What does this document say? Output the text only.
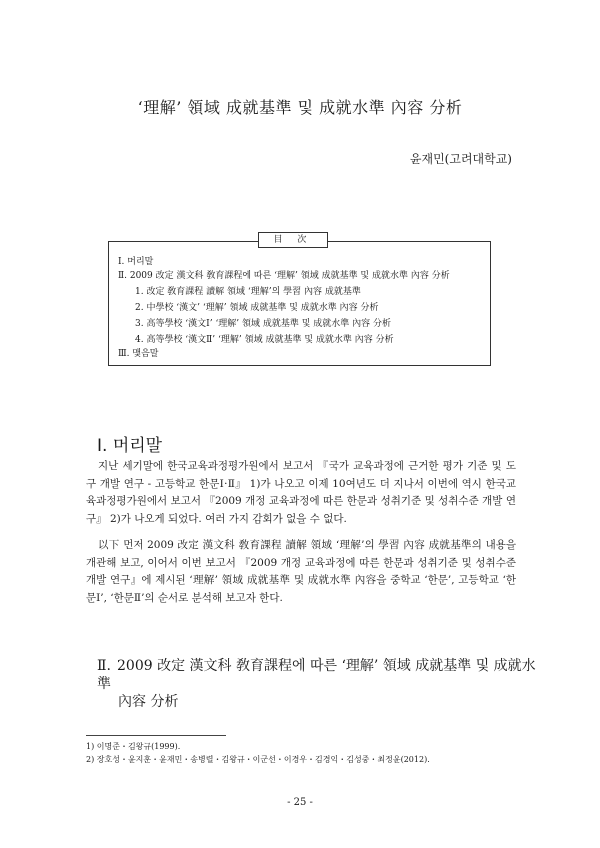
‘理解’ 領域 成就基準 및 成就水準 內容 分析
윤재민(고려대학교)
目 次
Ⅰ. 머리말
Ⅱ. 2009 改定 漢文科 敎育課程에 따른 ‘理解’ 領域 成就基準 및 成就水準 內容 分析
1. 改定 敎育課程 讀解 領域 ‘理解’의 學習 內容 成就基準
2. 中學校 ‘漢文’ ‘理解’ 領域 成就基準 및 成就水準 內容 分析
3. 高等學校 ‘漢文Ⅰ’ ‘理解’ 領域 成就基準 및 成就水準 內容 分析
4. 高等學校 ‘漢文Ⅱ’ ‘理解’ 領域 成就基準 및 成就水準 內容 分析
Ⅲ. 맺음말
Ⅰ. 머리말

지난 세기말에 한국교육과정평가원에서 보고서 『국가 교육과정에 근거한 평가 기준 및 도구 개발 연구 - 고등학교 한문Ⅰ·Ⅱ』 1)가 나오고 이제 10여년도 더 지나서 이번에 역시 한국교육과정평가원에서 보고서 『2009 개정 교육과정에 따른 한문과 성취기준 및 성취수준 개발 연구』 2)가 나오게 되었다. 여러 가지 감회가 없을 수 없다.

以下 먼저 2009 改定 漢文科 敎育課程 讀解 領域 ‘理解’의 學習 內容 成就基準의 내용을 개관해 보고, 이어서 이번 보고서 『2009 개정 교육과정에 따른 한문과 성취기준 및 성취수준 개발 연구』에 제시된 ‘理解’ 領域 成就基準 및 成就水準 內容을 중학교 ‘한문’, 고등학교 ‘한문Ⅰ’, ‘한문Ⅱ’의 순서로 분석해 보고자 한다.

Ⅱ. 2009 改定 漢文科 敎育課程에 따른 ‘理解’ 領域 成就基準 및 成就水準
內容 分析
1) 이명준・김왕규(1999).
2) 장호성・윤지훈・윤재민・송병렬・김왕규・이군선・이경우・김경익・김성중・최정윤(2012).
- 25 -
